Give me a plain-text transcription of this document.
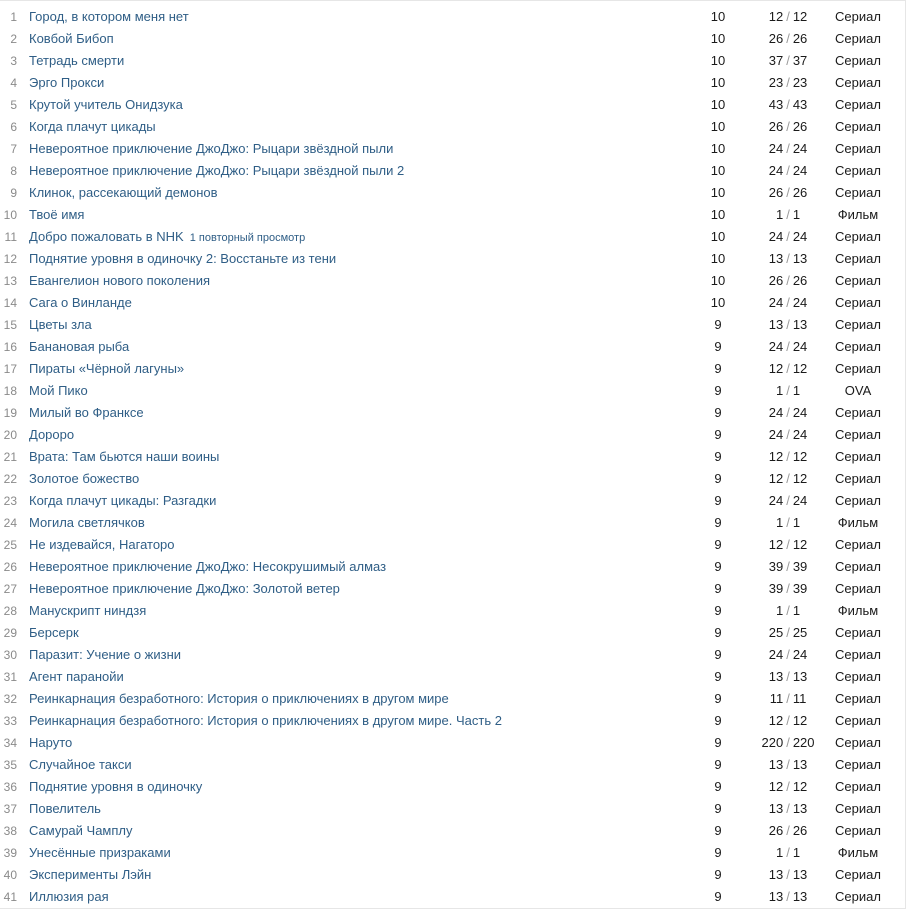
1 Город, в котором меня нет	10	12 / 12	Сериал
2 Ковбой Бибоп	10	26 / 26	Сериал
3 Тетрадь смерти	10	37 / 37	Сериал
4 Эрго Прокси	10	23 / 23	Сериал
5 Крутой учитель Онидзука	10	43 / 43	Сериал
6 Когда плачут цикады	10	26 / 26	Сериал
7 Невероятное приключение ДжоДжо: Рыцари звёздной пыли	10	24 / 24	Сериал
8 Невероятное приключение ДжоДжо: Рыцари звёздной пыли 2	10	24 / 24	Сериал
9 Клинок, рассекающий демонов	10	26 / 26	Сериал
10 Твоё имя	10	1 / 1	Фильм
11 Добро пожаловать в NHK 1 повторный просмотр	10	24 / 24	Сериал
12 Поднятие уровня в одиночку 2: Восстаньте из тени	10	13 / 13	Сериал
13 Евангелион нового поколения	10	26 / 26	Сериал
14 Сага о Винланде	10	24 / 24	Сериал
15 Цветы зла	9	13 / 13	Сериал
16 Банановая рыба	9	24 / 24	Сериал
17 Пираты «Чёрной лагуны»	9	12 / 12	Сериал
18 Мой Пико	9	1 / 1	OVA
19 Милый во Франксе	9	24 / 24	Сериал
20 Дороро	9	24 / 24	Сериал
21 Врата: Там бьются наши воины	9	12 / 12	Сериал
22 Золотое божество	9	12 / 12	Сериал
23 Когда плачут цикады: Разгадки	9	24 / 24	Сериал
24 Могила светлячков	9	1 / 1	Фильм
25 Не издевайся, Нагаторо	9	12 / 12	Сериал
26 Невероятное приключение ДжоДжо: Несокрушимый алмаз	9	39 / 39	Сериал
27 Невероятное приключение ДжоДжо: Золотой ветер	9	39 / 39	Сериал
28 Манускрипт ниндзя	9	1 / 1	Фильм
29 Берсерк	9	25 / 25	Сериал
30 Паразит: Учение о жизни	9	24 / 24	Сериал
31 Агент паранойи	9	13 / 13	Сериал
32 Реинкарнация безработного: История о приключениях в другом мире	9	11 / 11	Сериал
33 Реинкарнация безработного: История о приключениях в другом мире. Часть 2	9	12 / 12	Сериал
34 Наруто	9	220 / 220	Сериал
35 Случайное такси	9	13 / 13	Сериал
36 Поднятие уровня в одиночку	9	12 / 12	Сериал
37 Повелитель	9	13 / 13	Сериал
38 Самурай Чамплу	9	26 / 26	Сериал
39 Унесённые призраками	9	1 / 1	Фильм
40 Эксперименты Лэйн	9	13 / 13	Сериал
41 Иллюзия рая	9	13 / 13	Сериал
